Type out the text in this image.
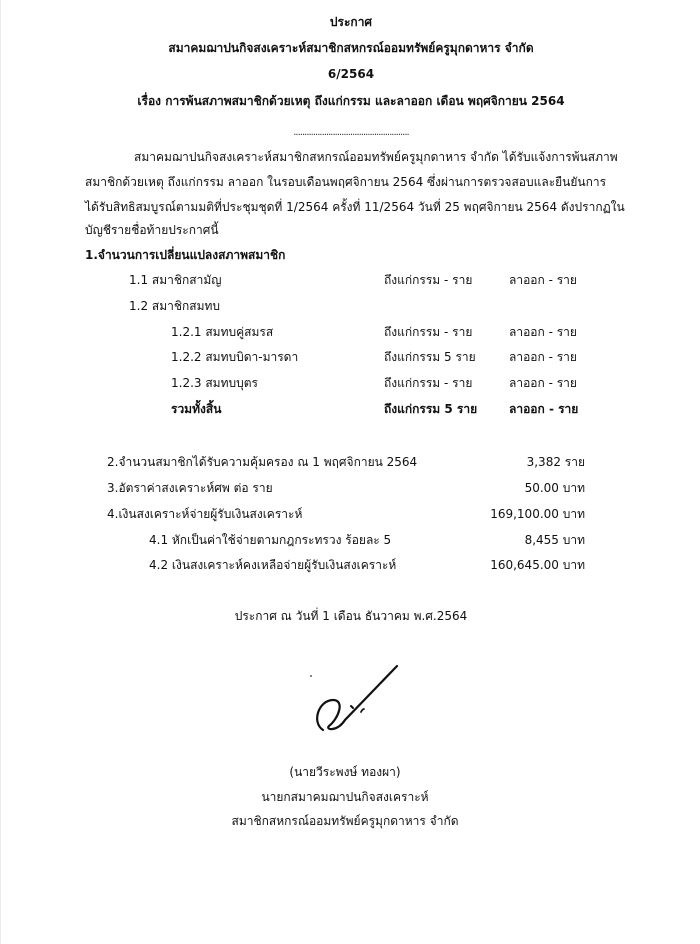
ประกาศ
สมาคมฌาปนกิจสงเคราะห์สมาชิกสหกรณ์ออมทรัพย์ครูมุกดาหาร จำกัด
6/2564
เรื่อง การพ้นสภาพสมาชิกด้วยเหตุ ถึงแก่กรรม และลาออก เดือน พฤศจิกายน 2564
.....................................................
สมาคมฌาปนกิจสงเคราะห์สมาชิกสหกรณ์ออมทรัพย์ครูมุกดาหาร จำกัด ได้รับแจ้งการพ้นสภาพ
สมาชิกด้วยเหตุ ถึงแก่กรรม ลาออก ในรอบเดือนพฤศจิกายน 2564 ซึ่งผ่านการตรวจสอบและยืนยันการ
ได้รับสิทธิสมบูรณ์ตามมติที่ประชุมชุดที่ 1/2564 ครั้งที่ 11/2564 วันที่ 25 พฤศจิกายน 2564 ดังปรากฏใน
บัญชีรายชื่อท้ายประกาศนี้
1.จำนวนการเปลี่ยนแปลงสภาพสมาชิก
1.1 สมาชิกสามัญ	ถึงแก่กรรม - ราย	ลาออก - ราย
1.2 สมาชิกสมทบ
1.2.1 สมทบคู่สมรส	ถึงแก่กรรม - ราย	ลาออก - ราย
1.2.2 สมทบบิดา-มารดา	ถึงแก่กรรม 5 ราย	ลาออก - ราย
1.2.3 สมทบบุตร	ถึงแก่กรรม - ราย	ลาออก - ราย
รวมทั้งสิ้น	ถึงแก่กรรม 5 ราย	ลาออก - ราย
2.จำนวนสมาชิกได้รับความคุ้มครอง ณ 1 พฤศจิกายน 2564	3,382 ราย
3.อัตราค่าสงเคราะห์ศพ ต่อ ราย	50.00 บาท
4.เงินสงเคราะห์จ่ายผู้รับเงินสงเคราะห์	169,100.00 บาท
4.1 หักเป็นค่าใช้จ่ายตามกฎกระทรวง ร้อยละ 5	8,455 บาท
4.2 เงินสงเคราะห์คงเหลือจ่ายผู้รับเงินสงเคราะห์	160,645.00 บาท
ประกาศ ณ วันที่ 1 เดือน ธันวาคม พ.ศ.2564
(นายวีระพงษ์ ทองผา)
นายกสมาคมฌาปนกิจสงเคราะห์
สมาชิกสหกรณ์ออมทรัพย์ครูมุกดาหาร จำกัด
